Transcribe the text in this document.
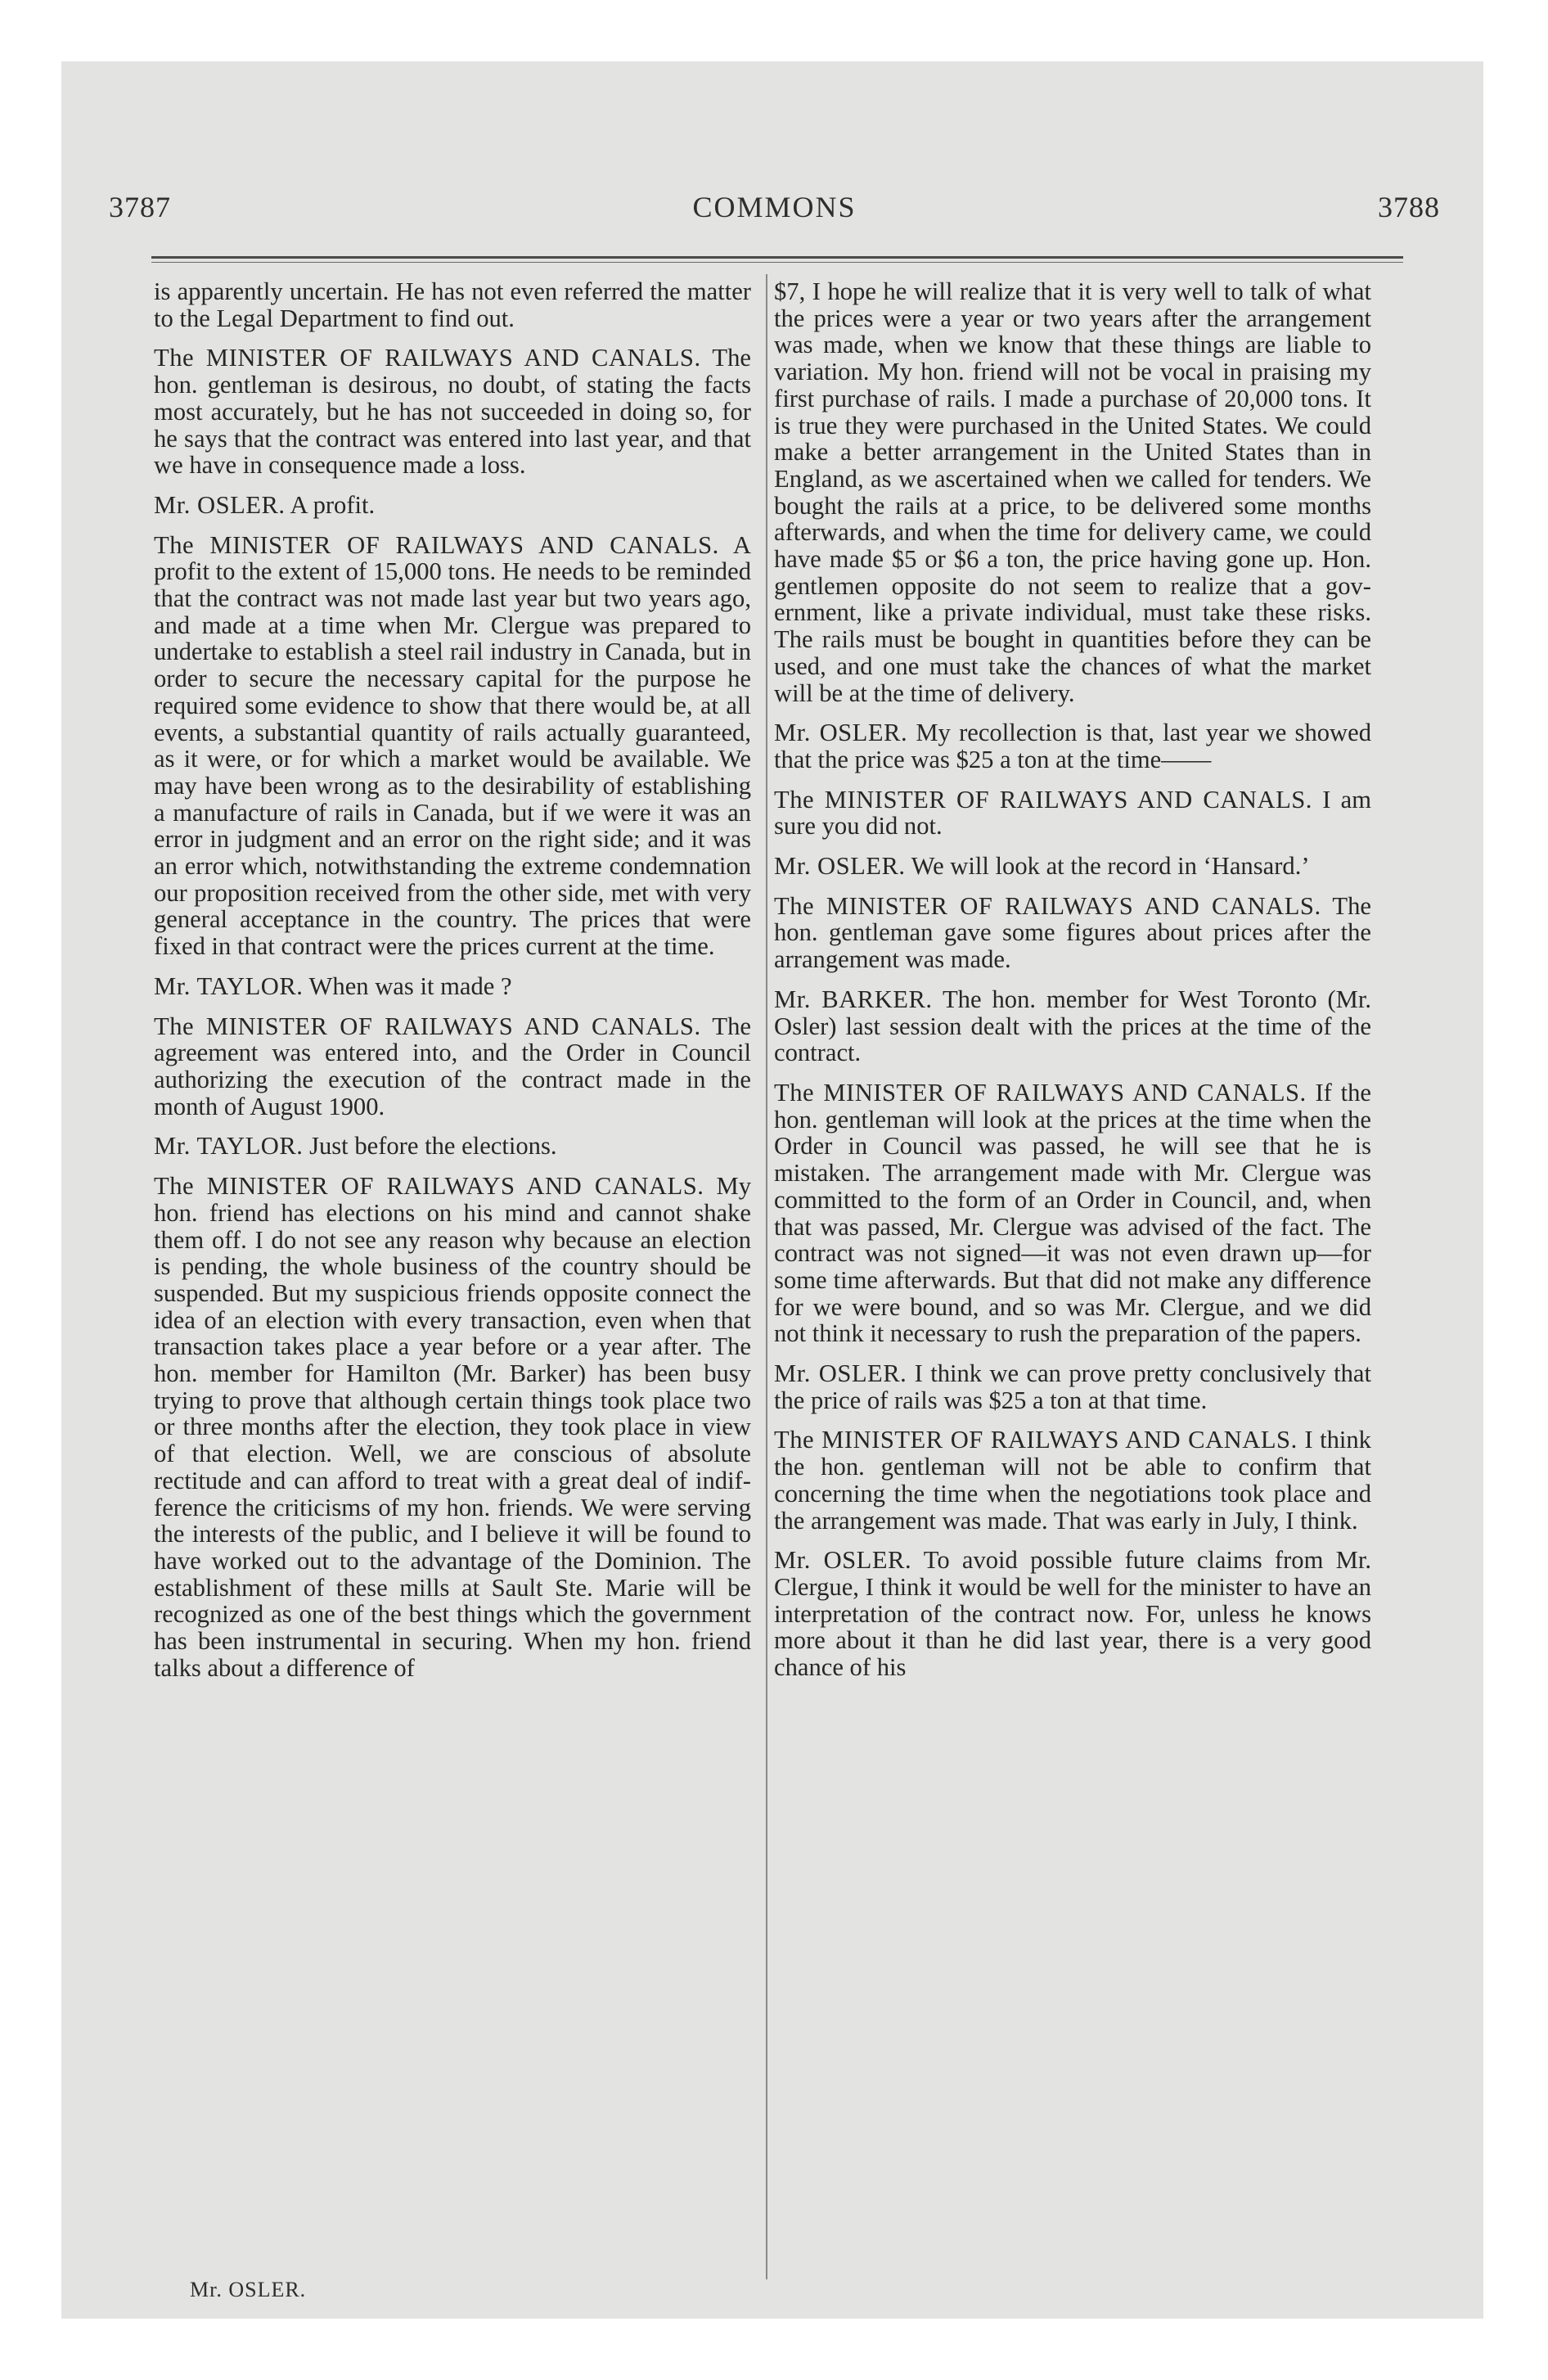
3787	COMMONS	3788

is apparently uncertain. He has not even referred the matter to the Legal Department to find out.

The MINISTER OF RAILWAYS AND CANALS. The hon. gentleman is desirous, no doubt, of stating the facts most accurately, but he has not succeeded in doing so, for he says that the contract was entered into last year, and that we have in consequence made a loss.

Mr. OSLER. A profit.

The MINISTER OF RAILWAYS AND CANALS. A profit to the extent of 15,000 tons. He needs to be reminded that the contract was not made last year but two years ago, and made at a time when Mr. Clergue was prepared to undertake to establish a steel rail industry in Canada, but in order to secure the necessary capital for the purpose he required some evidence to show that there would be, at all events, a substantial quantity of rails actually guaranteed, as it were, or for which a market would be available. We may have been wrong as to the desirability of establishing a manufacture of rails in Canada, but if we were it was an error in judgment and an error on the right side; and it was an error which, notwithstanding the extreme condemnation our proposition received from the other side, met with very general acceptance in the country. The prices that were fixed in that contract were the prices current at the time.

Mr. TAYLOR. When was it made ?

The MINISTER OF RAILWAYS AND CANALS. The agreement was entered into, and the Order in Council authorizing the execution of the contract made in the month of August 1900.

Mr. TAYLOR. Just before the elections.

The MINISTER OF RAILWAYS AND CANALS. My hon. friend has elections on his mind and cannot shake them off. I do not see any reason why because an election is pending, the whole business of the country should be suspended. But my suspicious friends opposite connect the idea of an election with every transaction, even when that transaction takes place a year before or a year after. The hon. member for Hamilton (Mr. Barker) has been busy trying to prove that although certain things took place two or three months after the election, they took place in view of that election. Well, we are conscious of absolute rectitude and can afford to treat with a great deal of indifference the criticisms of my hon. friends. We were serving the interests of the public, and I believe it will be found to have worked out to the advantage of the Dominion. The establishment of these mills at Sault Ste. Marie will be recognized as one of the best things which the government has been instrumental in securing. When my hon. friend talks about a difference of

$7, I hope he will realize that it is very well to talk of what the prices were a year or two years after the arrangement was made, when we know that these things are liable to variation. My hon. friend will not be vocal in praising my first purchase of rails. I made a purchase of 20,000 tons. It is true they were purchased in the United States. We could make a better arrangement in the United States than in England, as we ascertained when we called for tenders. We bought the rails at a price, to be delivered some months afterwards, and when the time for delivery came, we could have made $5 or $6 a ton, the price having gone up. Hon. gentlemen opposite do not seem to realize that a government, like a private individual, must take these risks. The rails must be bought in quantities before they can be used, and one must take the chances of what the market will be at the time of delivery.

Mr. OSLER. My recollection is that, last year we showed that the price was $25 a ton at the time——

The MINISTER OF RAILWAYS AND CANALS. I am sure you did not.

Mr. OSLER. We will look at the record in ‘Hansard.’

The MINISTER OF RAILWAYS AND CANALS. The hon. gentleman gave some figures about prices after the arrangement was made.

Mr. BARKER. The hon. member for West Toronto (Mr. Osler) last session dealt with the prices at the time of the contract.

The MINISTER OF RAILWAYS AND CANALS. If the hon. gentleman will look at the prices at the time when the Order in Council was passed, he will see that he is mistaken. The arrangement made with Mr. Clergue was committed to the form of an Order in Council, and, when that was passed, Mr. Clergue was advised of the fact. The contract was not signed—it was not even drawn up—for some time afterwards. But that did not make any difference for we were bound, and so was Mr. Clergue, and we did not think it necessary to rush the preparation of the papers.

Mr. OSLER. I think we can prove pretty conclusively that the price of rails was $25 a ton at that time.

The MINISTER OF RAILWAYS AND CANALS. I think the hon. gentleman will not be able to confirm that concerning the time when the negotiations took place and the arrangement was made. That was early in July, I think.

Mr. OSLER. To avoid possible future claims from Mr. Clergue, I think it would be well for the minister to have an interpretation of the contract now. For, unless he knows more about it than he did last year, there is a very good chance of his

Mr. OSLER.
